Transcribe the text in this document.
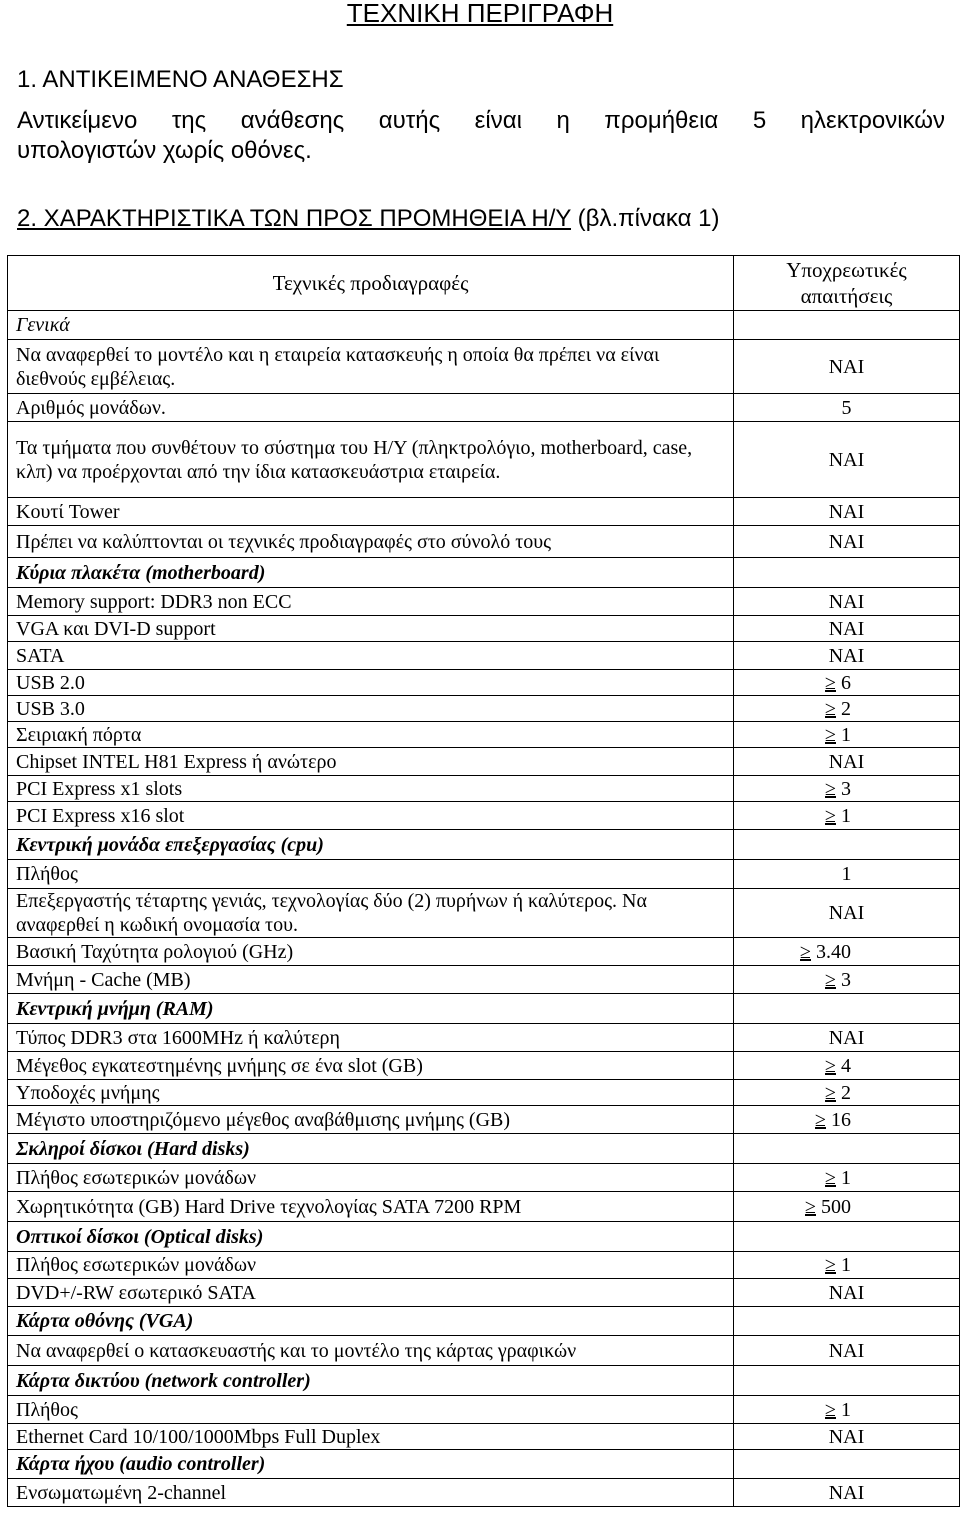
ΤΕΧΝΙΚΗ ΠΕΡΙΓΡΑΦΗ
1. ΑΝΤΙΚΕΙΜΕΝΟ ΑΝΑΘΕΣΗΣ
Αντικείμενο της ανάθεσης αυτής είναι η προμήθεια 5 ηλεκτρονικών
υπολογιστών χωρίς οθόνες.
2. ΧΑΡΑΚΤΗΡΙΣΤΙΚΑ ΤΩΝ ΠΡΟΣ ΠΡΟΜΗΘΕΙΑ Η/Υ (βλ.πίνακα 1)
Τεχνικές προδιαγραφές	Υποχρεωτικές απαιτήσεις
Γενικά	
Να αναφερθεί το μοντέλο και η εταιρεία κατασκευής η οποία θα πρέπει να είναι διεθνούς εμβέλειας.	ΝΑΙ
Αριθμός μονάδων.	5
Τα τμήματα που συνθέτουν το σύστημα του Η/Υ (πληκτρολόγιο, motherboard, case, κλπ) να προέρχονται από την ίδια κατασκευάστρια εταιρεία.	ΝΑΙ
Κουτί Tower	ΝΑΙ
Πρέπει να καλύπτονται οι τεχνικές προδιαγραφές στο σύνολό τους	ΝΑΙ
Κύρια πλακέτα (motherboard)	
Memory support: DDR3 non ECC	ΝΑΙ
VGA και DVI-D support	ΝΑΙ
SATA	ΝΑΙ
USB 2.0	≥ 6
USB 3.0	≥ 2
Σειριακή πόρτα	≥ 1
Chipset INTEL H81 Express ή ανώτερο	ΝΑΙ
PCI Express x1 slots	≥ 3
PCI Express x16 slot	≥ 1
Κεντρική μονάδα επεξεργασίας (cpu)	
Πλήθος	1
Επεξεργαστής τέταρτης γενιάς, τεχνολογίας δύο (2) πυρήνων ή καλύτερος. Να αναφερθεί η κωδική ονομασία του.	ΝΑΙ
Βασική Ταχύτητα ρολογιού (GHz)	≥ 3.40
Μνήμη - Cache (MB)	≥ 3
Κεντρική μνήμη (RAM)	
Τύπος DDR3 στα 1600MHz ή καλύτερη	ΝΑΙ
Μέγεθος εγκατεστημένης μνήμης σε ένα slot (GB)	≥ 4
Υποδοχές μνήμης	≥ 2
Μέγιστο υποστηριζόμενο μέγεθος αναβάθμισης μνήμης (GB)	≥ 16
Σκληροί δίσκοι (Hard disks)	
Πλήθος εσωτερικών μονάδων	≥ 1
Χωρητικότητα (GB) Hard Drive τεχνολογίας SATA 7200 RPM	≥ 500
Οπτικοί δίσκοι (Optical disks)	
Πλήθος εσωτερικών μονάδων	≥ 1
DVD+/-RW εσωτερικό SATA	ΝΑΙ
Κάρτα οθόνης (VGA)	
Να αναφερθεί ο κατασκευαστής και το μοντέλο της κάρτας γραφικών	ΝΑΙ
Κάρτα δικτύου (network controller)	
Πλήθος	≥ 1
Ethernet Card 10/100/1000Mbps Full Duplex	ΝΑΙ
Κάρτα ήχου (audio controller)	
Ενσωματωμένη 2-channel	ΝΑΙ
